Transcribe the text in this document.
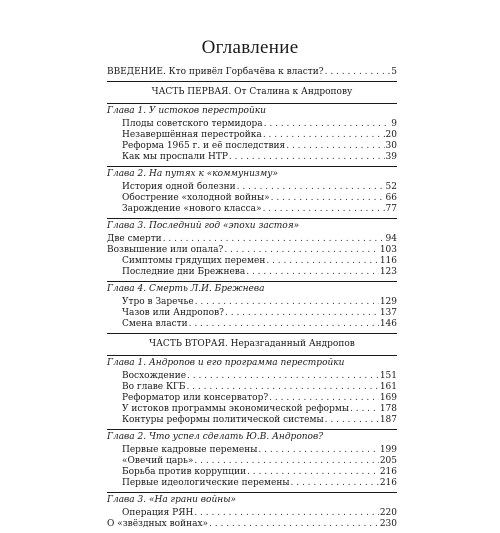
Оглавление
ВВЕДЕНИЕ. Кто привёл Горбачёва к власти? . . .	5
ЧАСТЬ ПЕРВАЯ. От Сталина к Андропову
Глава 1. У истоков перестройки
Плоды советского термидора . . .	9
Незавершённая перестройка . . .	20
Реформа 1965 г. и её последствия . . .	30
Как мы проспали НТР . . .	39
Глава 2. На путях к «коммунизму»
История одной болезни . . .	52
Обострение «холодной войны» . . .	66
Зарождение «нового класса» . . .	77
Глава 3. Последний год «эпохи застоя»
Две смерти . . .	94
Возвышение или опала? . . .	103
Симптомы грядущих перемен . . .	116
Последние дни Брежнева . . .	123
Глава 4. Смерть Л.И. Брежнева
Утро в Заречье . . .	129
Чазов или Андропов? . . .	137
Смена власти . . .	146
ЧАСТЬ ВТОРАЯ. Неразгаданный Андропов
Глава 1. Андропов и его программа перестройки
Восхождение . . .	151
Во главе КГБ . . .	161
Реформатор или консерватор? . . .	169
У истоков программы экономической реформы . . .	178
Контуры реформы политической системы . . .	187
Глава 2. Что успел сделать Ю.В. Андропов?
Первые кадровые перемены . . .	199
«Овечий царь» . . .	205
Борьба против коррупции . . .	216
Первые идеологические перемены . . .	216
Глава 3. «На грани войны»
Операция РЯН . . .	220
О «звёздных войнах» . . .	230
